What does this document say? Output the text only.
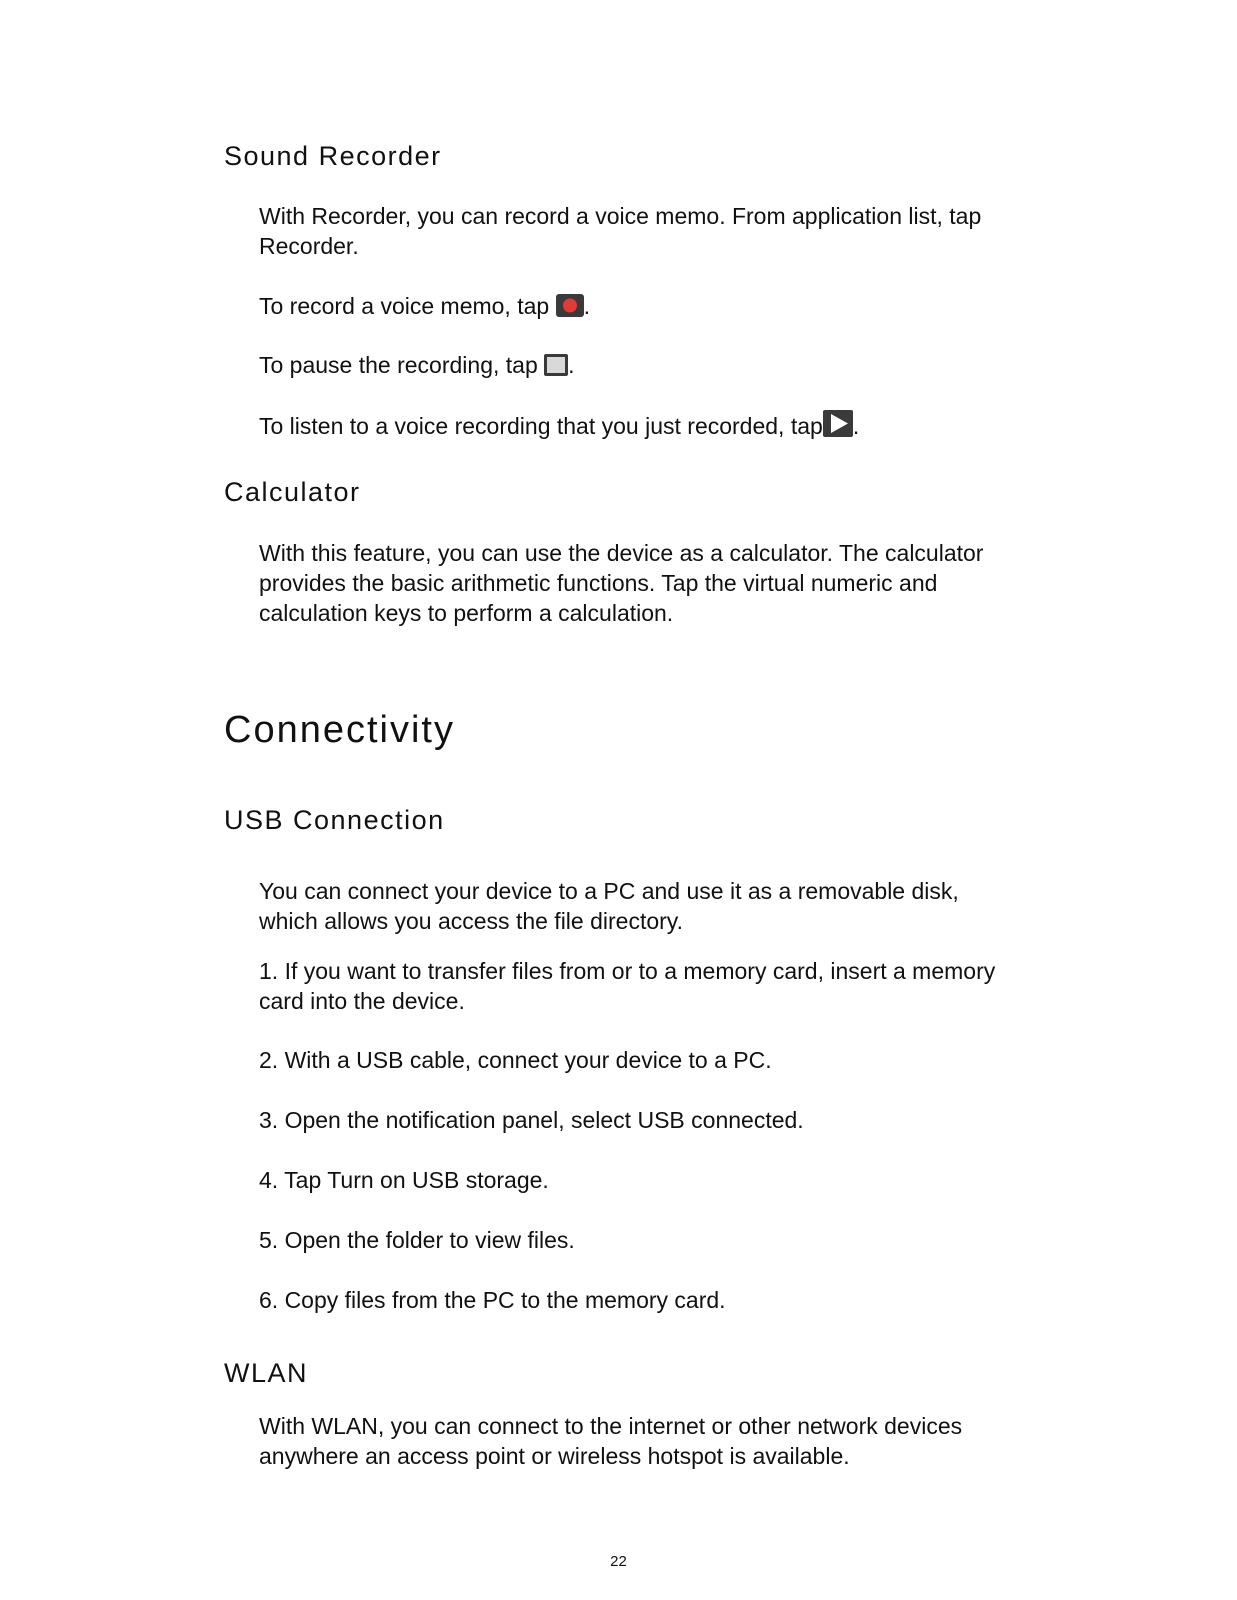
Sound Recorder

With Recorder, you can record a voice memo. From application list, tap Recorder.

To record a voice memo, tap .

To pause the recording, tap .

To listen to a voice recording that you just recorded, tap .

Calculator

With this feature, you can use the device as a calculator. The calculator provides the basic arithmetic functions. Tap the virtual numeric and calculation keys to perform a calculation.

Connectivity
USB Connection

You can connect your device to a PC and use it as a removable disk, which allows you access the file directory.

1. If you want to transfer files from or to a memory card, insert a memory card into the device.

2. With a USB cable, connect your device to a PC.

3. Open the notification panel, select USB connected.

4. Tap Turn on USB storage.

5. Open the folder to view files.

6. Copy files from the PC to the memory card.

WLAN

With WLAN, you can connect to the internet or other network devices anywhere an access point or wireless hotspot is available.

22
